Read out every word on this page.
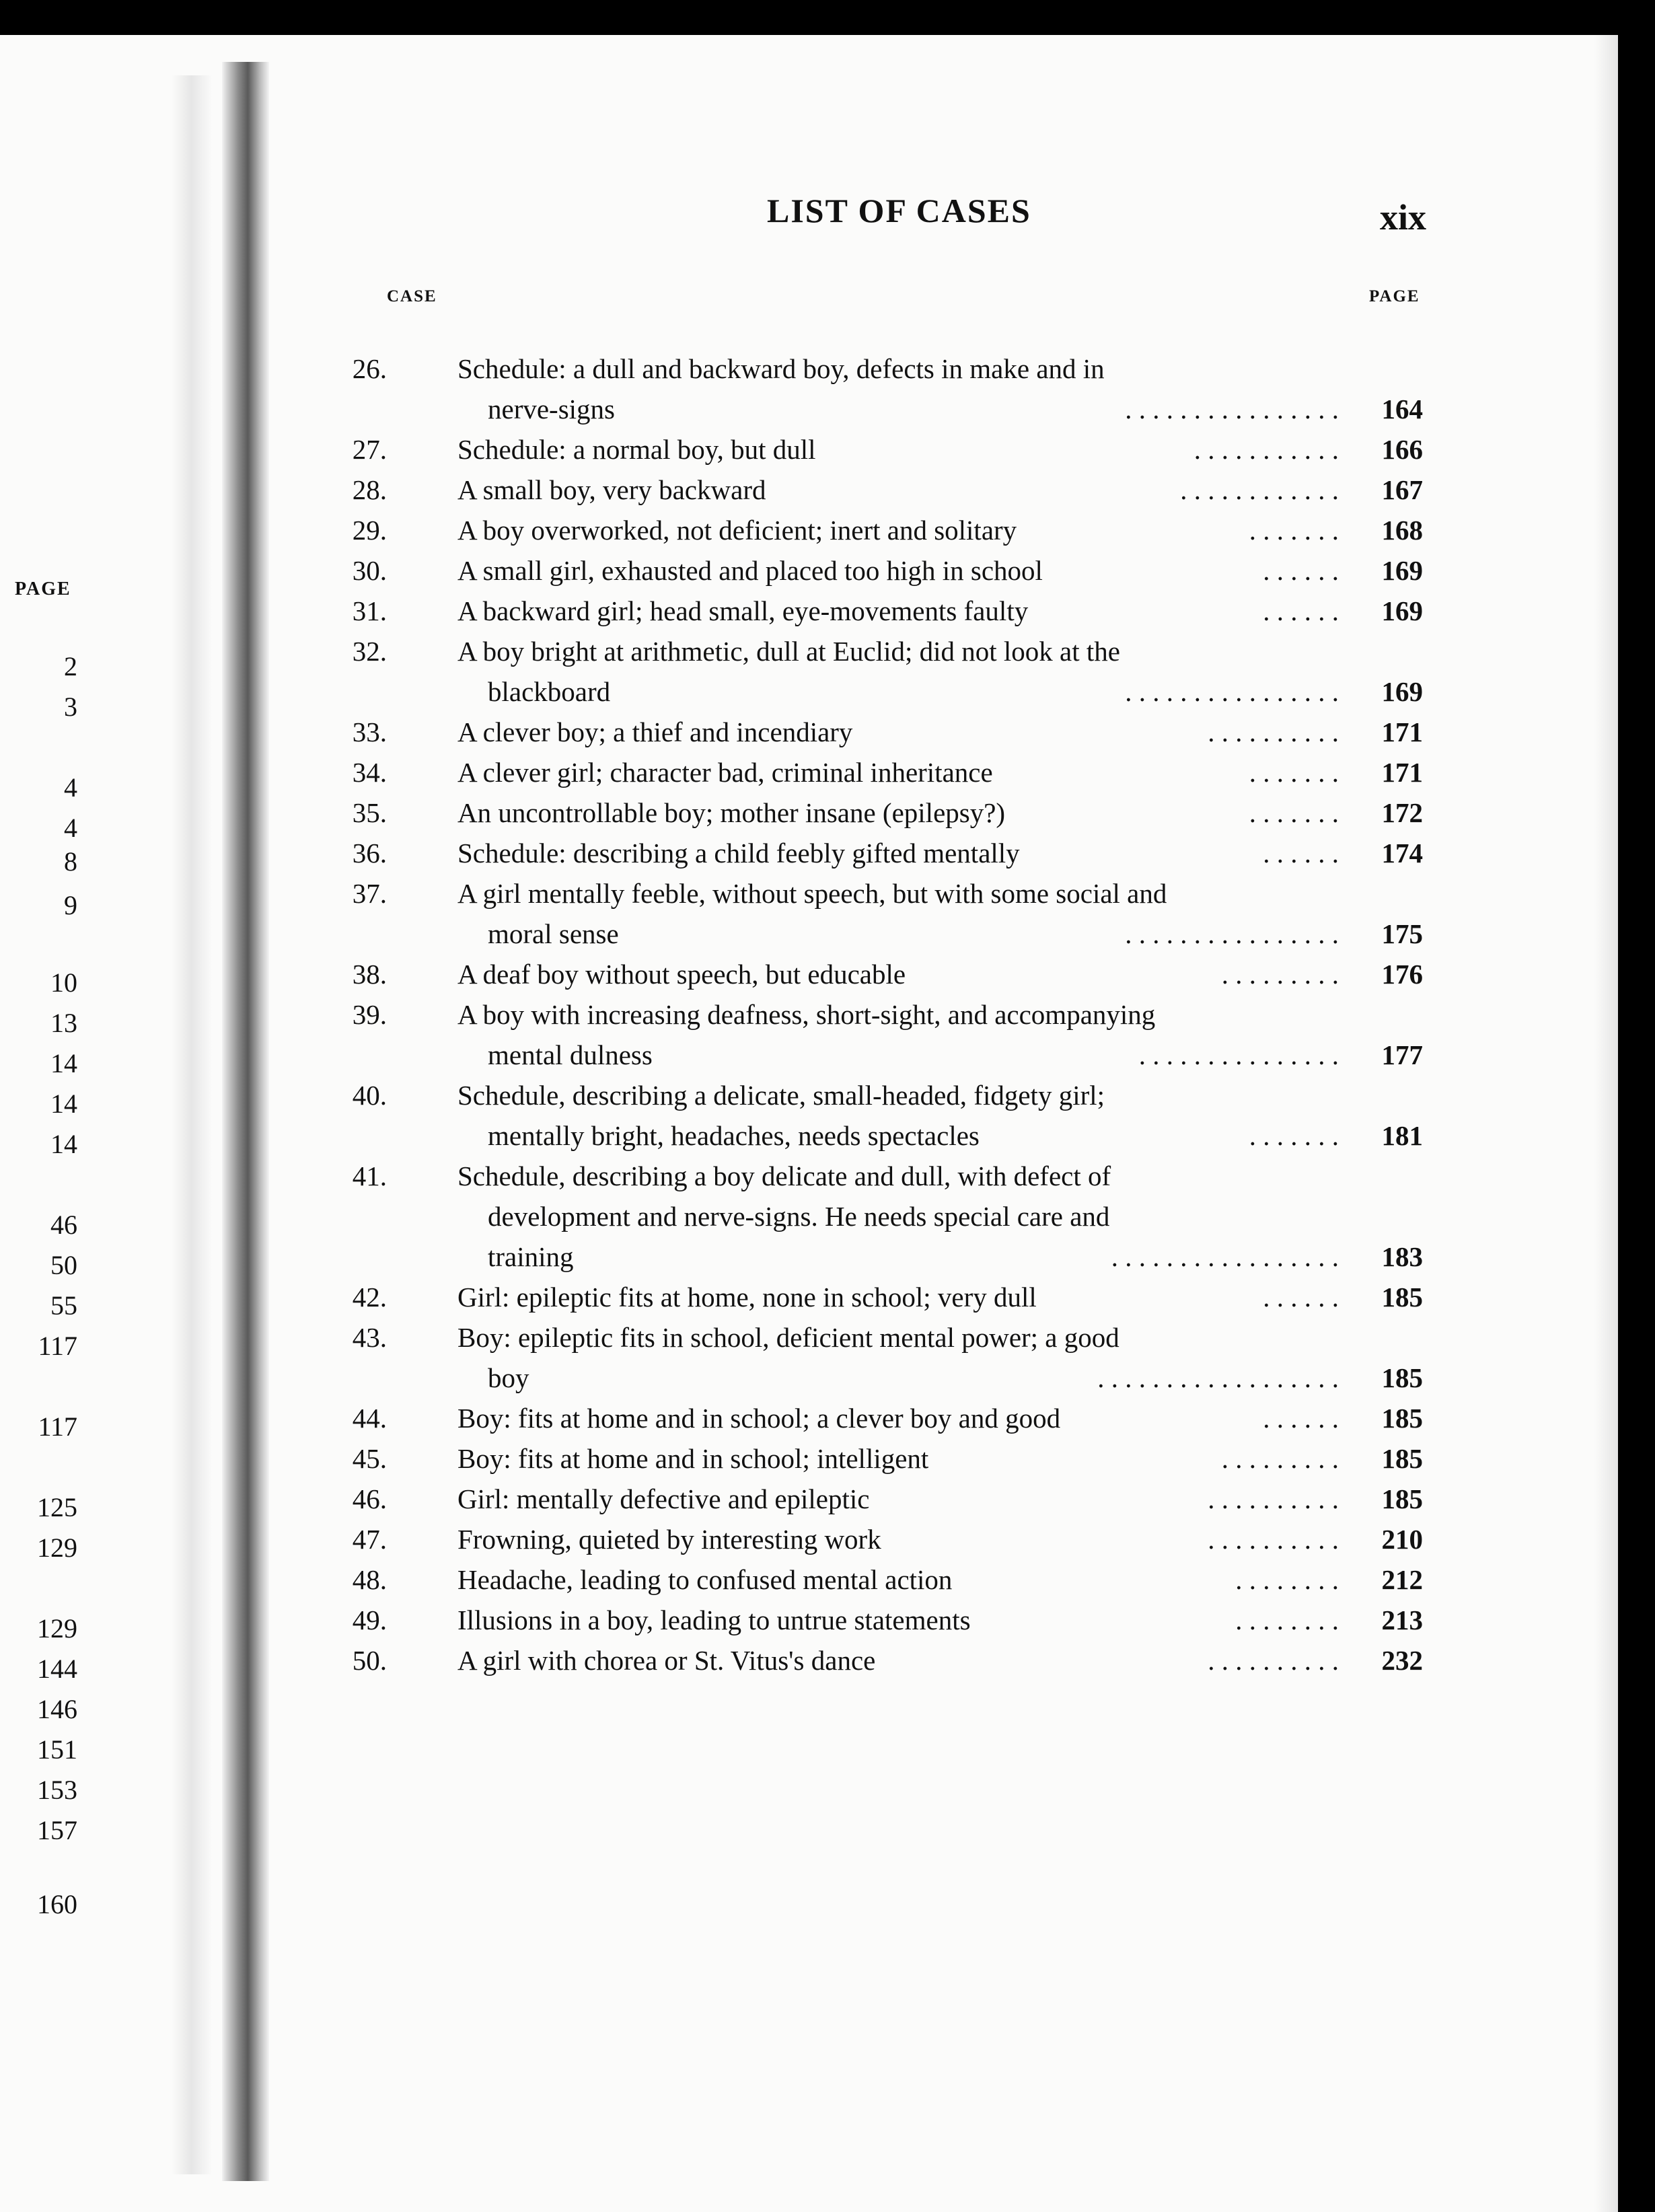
PAGE
2
3
4
4
8
9
10
13
14
14
14
46
50
55
117
117
125
129
129
144
146
151
153
157
160
LIST OF CASES	xix
CASE	PAGE
26.	Schedule: a dull and backward boy, defects in make and in
nerve-signs	. . . . . . . . . . . . . . . .	164
27.	Schedule: a normal boy, but dull	. . . . . . . . . . .	166
28.	A small boy, very backward	. . . . . . . . . . . .	167
29.	A boy overworked, not deficient; inert and solitary	. . . . . . .	168
30.	A small girl, exhausted and placed too high in school	. . . . . .	169
31.	A backward girl; head small, eye-movements faulty	. . . . . .	169
32.	A boy bright at arithmetic, dull at Euclid; did not look at the
blackboard	. . . . . . . . . . . . . . . .	169
33.	A clever boy; a thief and incendiary	. . . . . . . . . .	171
34.	A clever girl; character bad, criminal inheritance	. . . . . . .	171
35.	An uncontrollable boy; mother insane (epilepsy?)	. . . . . . .	172
36.	Schedule: describing a child feebly gifted mentally	. . . . . .	174
37.	A girl mentally feeble, without speech, but with some social and
moral sense	. . . . . . . . . . . . . . . .	175
38.	A deaf boy without speech, but educable	. . . . . . . . .	176
39.	A boy with increasing deafness, short-sight, and accompanying
mental dulness	. . . . . . . . . . . . . . .	177
40.	Schedule, describing a delicate, small-headed, fidgety girl;
mentally bright, headaches, needs spectacles	. . . . . . .	181
41.	Schedule, describing a boy delicate and dull, with defect of
development and nerve-signs. He needs special care and
training	. . . . . . . . . . . . . . . . .	183
42.	Girl: epileptic fits at home, none in school; very dull	. . . . . .	185
43.	Boy: epileptic fits in school, deficient mental power; a good
boy	. . . . . . . . . . . . . . . . . .	185
44.	Boy: fits at home and in school; a clever boy and good	. . . . . .	185
45.	Boy: fits at home and in school; intelligent	. . . . . . . . .	185
46.	Girl: mentally defective and epileptic	. . . . . . . . . .	185
47.	Frowning, quieted by interesting work	. . . . . . . . . .	210
48.	Headache, leading to confused mental action	. . . . . . . .	212
49.	Illusions in a boy, leading to untrue statements	. . . . . . . .	213
50.	A girl with chorea or St. Vitus's dance	. . . . . . . . . .	232
